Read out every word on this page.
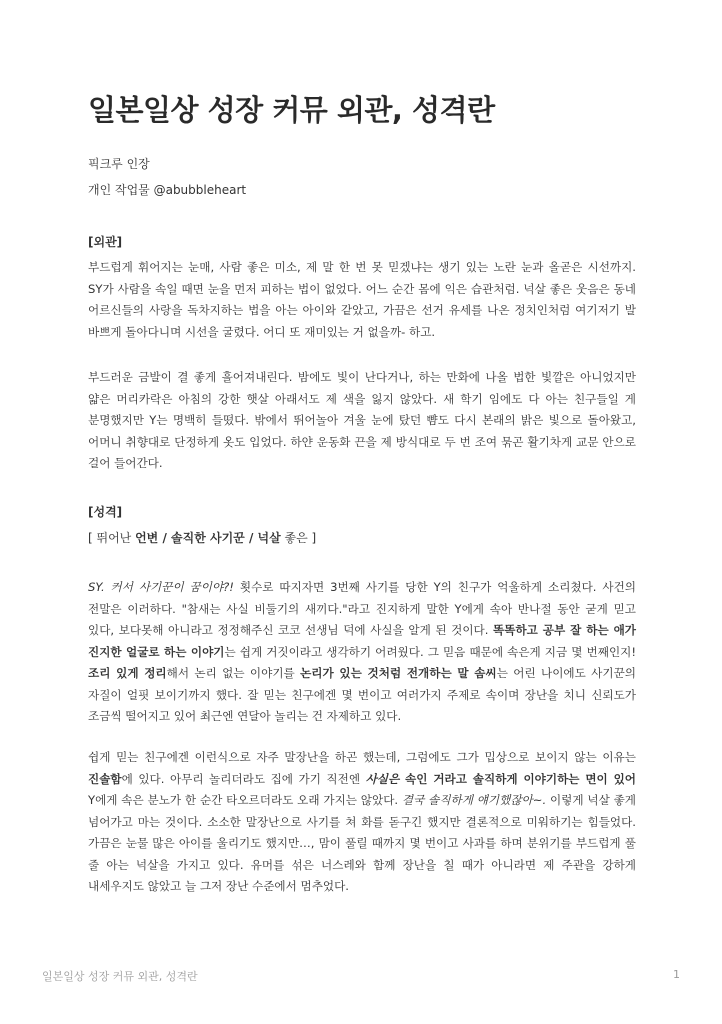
일본일상 성장 커뮤 외관, 성격란
픽크루 인장
개인 작업물 @abubbleheart
[외관]

부드럽게 휘어지는 눈매, 사람 좋은 미소, 제 말 한 번 못 믿겠냐는 생기 있는 노란 눈과 올곧은 시선까지. SY가 사람을 속일 때면 눈을 먼저 피하는 법이 없었다. 어느 순간 몸에 익은 습관처럼. 넉살 좋은 웃음은 동네 어르신들의 사랑을 독차지하는 법을 아는 아이와 같았고, 가끔은 선거 유세를 나온 정치인처럼 여기저기 발 바쁘게 돌아다니며 시선을 굴렸다. 어디 또 재미있는 거 없을까- 하고.

부드러운 금발이 결 좋게 흘어져내린다. 밤에도 빛이 난다거나, 하는 만화에 나올 법한 빛깔은 아니었지만 얇은 머리카락은 아침의 강한 햇살 아래서도 제 색을 잃지 않았다. 새 학기 임에도 다 아는 친구들일 게 분명했지만 Y는 명백히 들떴다. 밖에서 뛰어놀아 겨울 눈에 탔던 뺨도 다시 본래의 밝은 빛으로 돌아왔고, 어머니 취향대로 단정하게 옷도 입었다. 하얀 운동화 끈을 제 방식대로 두 번 조여 묶곤 활기차게 교문 안으로 걸어 들어간다.

[성격]
[ 뛰어난 언변 / 솔직한 사기꾼 / 넉살 좋은 ]

SY. 커서 사기꾼이 꿈이야?! 횟수로 따지자면 3번째 사기를 당한 Y의 친구가 억울하게 소리쳤다. 사건의 전말은 이러하다. "참새는 사실 비둘기의 새끼다."라고 진지하게 말한 Y에게 속아 반나절 동안 굳게 믿고 있다, 보다못해 아니라고 정정해주신 코코 선생님 덕에 사실을 알게 된 것이다. 똑똑하고 공부 잘 하는 애가 진지한 얼굴로 하는 이야기는 쉽게 거짓이라고 생각하기 어려웠다. 그 믿음 때문에 속은게 지금 몇 번째인지! 조리 있게 정리해서 논리 없는 이야기를 논리가 있는 것처럼 전개하는 말 솜씨는 어린 나이에도 사기꾼의 자질이 얼핏 보이기까지 했다. 잘 믿는 친구에겐 몇 번이고 여러가지 주제로 속이며 장난을 치니 신뢰도가 조금씩 떨어지고 있어 최근엔 연달아 놀리는 건 자제하고 있다.

쉽게 믿는 친구에겐 이런식으로 자주 말장난을 하곤 했는데, 그럼에도 그가 밉상으로 보이지 않는 이유는 진솔함에 있다. 아무리 놀리더라도 집에 가기 직전엔 사실은 속인 거라고 솔직하게 이야기하는 면이 있어 Y에게 속은 분노가 한 순간 타오르더라도 오래 가지는 않았다. 결국 솔직하게 얘기했잖아~. 이렇게 넉살 좋게 넘어가고 마는 것이다. 소소한 말장난으로 사기를 쳐 화를 돋구긴 했지만 결론적으로 미워하기는 힘들었다. 가끔은 눈물 많은 아이를 울리기도 했지만…, 맘이 풀릴 때까지 몇 번이고 사과를 하며 분위기를 부드럽게 풀 줄 아는 넉살을 가지고 있다. 유머를 섞은 너스레와 함께 장난을 칠 때가 아니라면 제 주관을 강하게 내세우지도 않았고 늘 그저 장난 수준에서 멈추었다.

일본일상 성장 커뮤 외관, 성격란	1
